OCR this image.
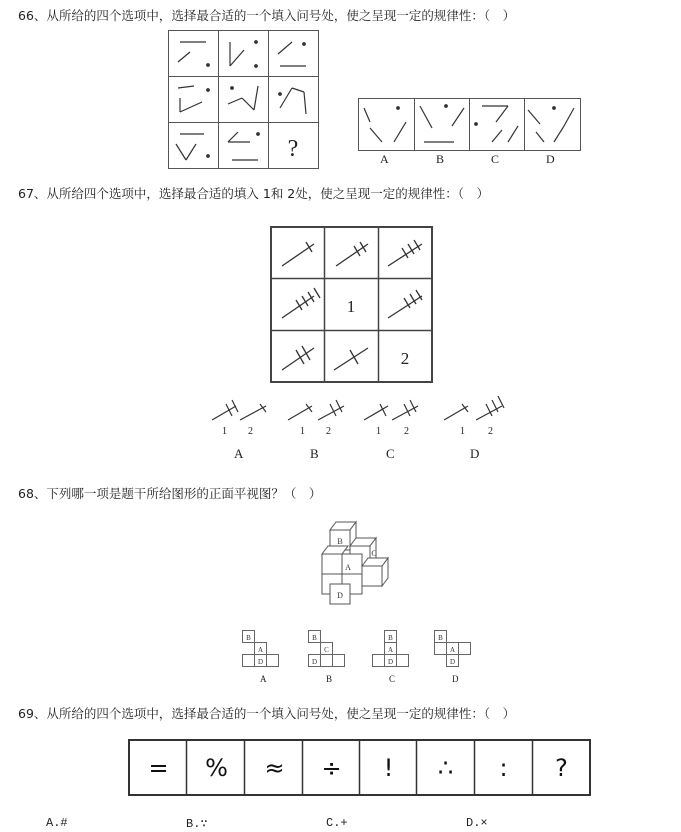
66、从所给的四个选项中，选择最合适的一个填入问号处，使之呈现一定的规律性：（　）
?	A	B	C	D
67、从所给四个选项中，选择最合适的填入 1和 2处，使之呈现一定的规律性：（　）
1
2
1 2	1 2	1 2	1 2
A	B	C	D
68、下列哪一项是题干所给图形的正面平视图？（　）
B
C
A
D
B
A
D
B
C
D
B
A
D
B
A
D
A	B	C	D
69、从所给的四个选项中，选择最合适的一个填入问号处，使之呈现一定的规律性：（　）
=	%	≈	÷	!	∴	:	?
A.#	B.∵	C.+	D.×
